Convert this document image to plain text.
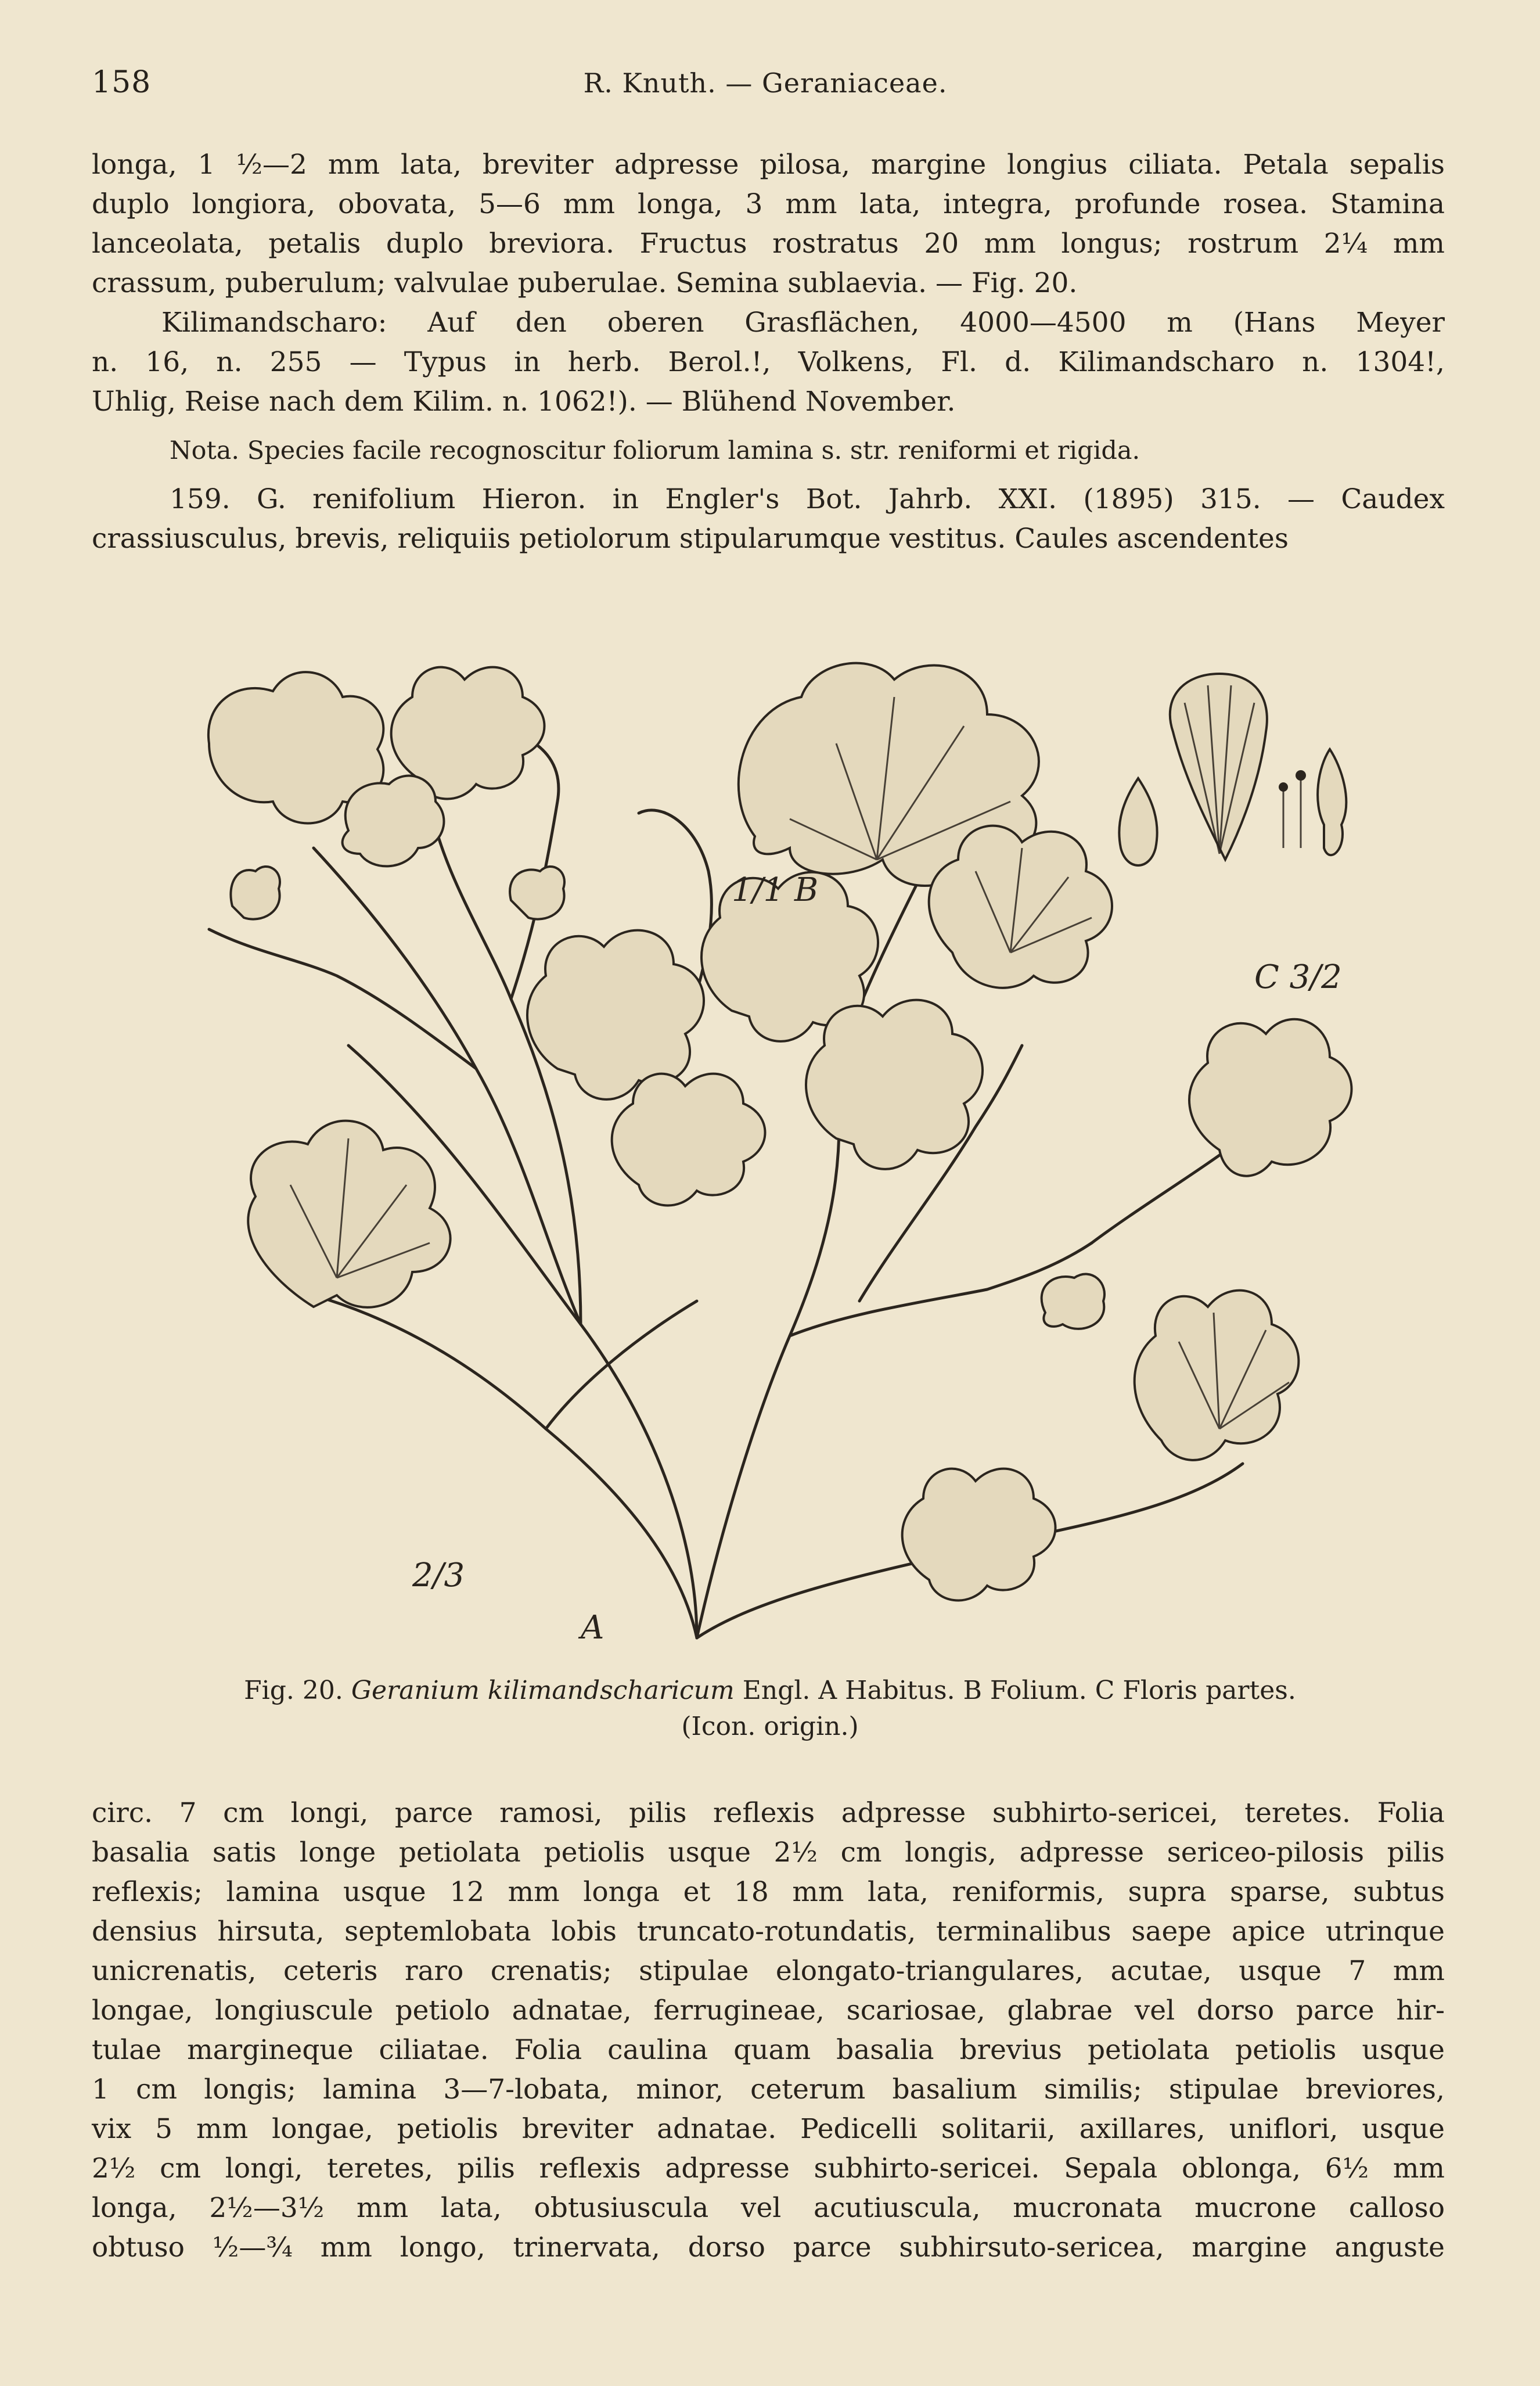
158	R. Knuth. — Geraniaceae.
longa, 1 ½—2 mm lata, breviter adpresse pilosa, margine longius ciliata. Petala sepalis
duplo longiora, obovata, 5—6 mm longa, 3 mm lata, integra, profunde rosea. Stamina
lanceolata, petalis duplo breviora. Fructus rostratus 20 mm longus; rostrum 2¼ mm
crassum, puberulum; valvulae puberulae. Semina sublaevia. — Fig. 20.
Kilimandscharo: Auf den oberen Grasflächen, 4000—4500 m (Hans Meyer
n. 16, n. 255 — Typus in herb. Berol.!, Volkens, Fl. d. Kilimandscharo n. 1304!,
Uhlig, Reise nach dem Kilim. n. 1062!). — Blühend November.
Nota. Species facile recognoscitur foliorum lamina s. str. reniformi et rigida.
159. G. renifolium Hieron. in Engler's Bot. Jahrb. XXI. (1895) 315. — Caudex
crassiusculus, brevis, reliquiis petiolorum stipularumque vestitus. Caules ascendentes
1/1 B
C 3/2
2/3
A
Fig. 20. Geranium kilimandscharicum Engl. A Habitus. B Folium. C Floris partes.
(Icon. origin.)
circ. 7 cm longi, parce ramosi, pilis reflexis adpresse subhirto-sericei, teretes. Folia
basalia satis longe petiolata petiolis usque 2½ cm longis, adpresse sericeo-pilosis pilis
reflexis; lamina usque 12 mm longa et 18 mm lata, reniformis, supra sparse, subtus
densius hirsuta, septemlobata lobis truncato-rotundatis, terminalibus saepe apice utrinque
unicrenatis, ceteris raro crenatis; stipulae elongato-triangulares, acutae, usque 7 mm
longae, longiuscule petiolo adnatae, ferrugineae, scariosae, glabrae vel dorso parce hir-
tulae margineque ciliatae. Folia caulina quam basalia brevius petiolata petiolis usque
1 cm longis; lamina 3—7-lobata, minor, ceterum basalium similis; stipulae breviores,
vix 5 mm longae, petiolis breviter adnatae. Pedicelli solitarii, axillares, uniflori, usque
2½ cm longi, teretes, pilis reflexis adpresse subhirto-sericei. Sepala oblonga, 6½ mm
longa, 2½—3½ mm lata, obtusiuscula vel acutiuscula, mucronata mucrone calloso
obtuso ½—¾ mm longo, trinervata, dorso parce subhirsuto-sericea, margine anguste
